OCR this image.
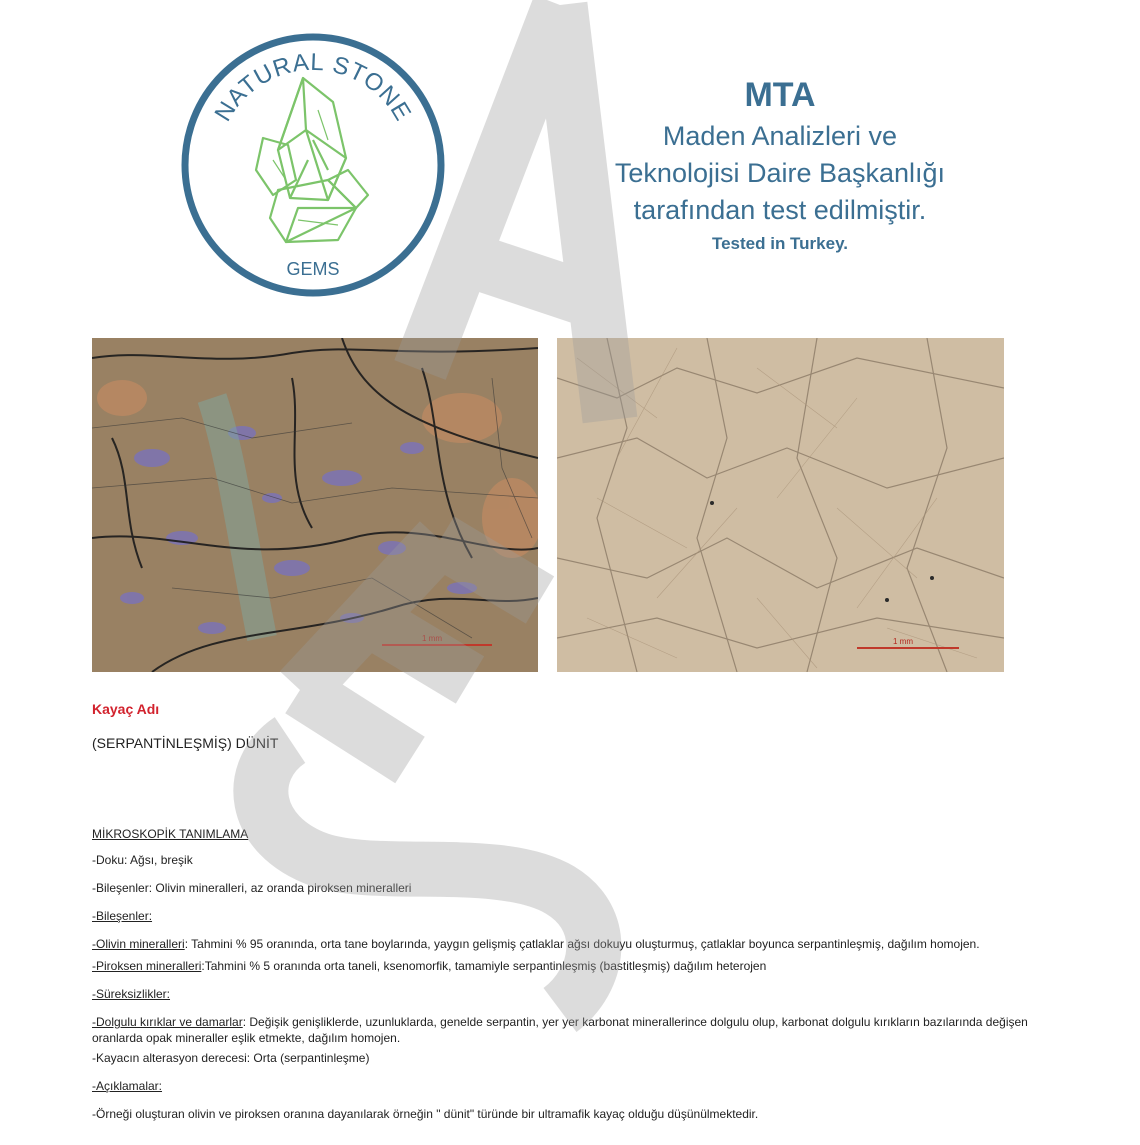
NATURAL STONE
GEMS
MTA
Maden Analizleri ve
Teknolojisi Daire Başkanlığı
tarafından test edilmiştir.
Tested in Turkey.
1 mm	1 mm
Kayaç Adı
(SERPANTİNLEŞMİŞ) DÜNİT

MİKROSKOPİK TANIMLAMA

-Doku: Ağsı, breşik

-Bileşenler: Olivin mineralleri, az oranda piroksen mineralleri

-Bileşenler:

-Olivin mineralleri: Tahmini % 95 oranında, orta tane boylarında, yaygın gelişmiş çatlaklar ağsı dokuyu oluşturmuş, çatlaklar boyunca serpantinleşmiş, dağılım homojen.

-Piroksen mineralleri:Tahmini % 5 oranında orta taneli, ksenomorfik, tamamiyle serpantinleşmiş (bastitleşmiş) dağılım heterojen

-Süreksizlikler:

-Dolgulu kırıklar ve damarlar: Değişik genişliklerde, uzunluklarda, genelde serpantin, yer yer karbonat minerallerince dolgulu olup, karbonat dolgulu kırıkların bazılarında değişen oranlarda opak mineraller eşlik etmekte, dağılım homojen.

-Kayacın alterasyon derecesi: Orta (serpantinleşme)

-Açıklamalar:

-Örneği oluşturan olivin ve piroksen oranına dayanılarak örneğin " dünit" türünde bir ultramafik kayaç olduğu düşünülmektedir.
